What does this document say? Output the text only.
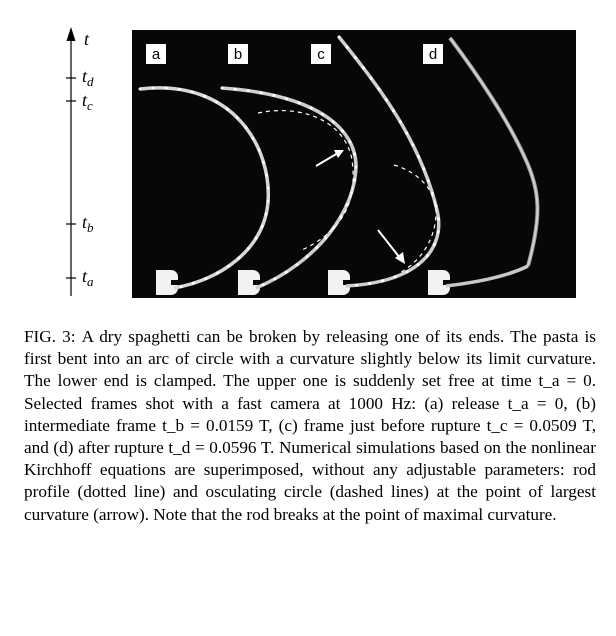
t
$t_d$
$t_c$
$t_b$
$t_a$
a	b	c	d

FIG. 3: A dry spaghetti can be broken by releasing one of its ends. The pasta is first bent into an arc of circle with a curvature slightly below its limit curvature. The lower end is clamped. The upper one is suddenly set free at time t_a = 0. Selected frames shot with a fast camera at 1000 Hz: (a) release t_a = 0, (b) intermediate frame t_b = 0.0159 T, (c) frame just before rupture t_c = 0.0509 T, and (d) after rupture t_d = 0.0596 T. Numerical simulations based on the nonlinear Kirchhoff equations are superimposed, without any adjustable parameters: rod profile (dotted line) and osculating circle (dashed lines) at the point of largest curvature (arrow). Note that the rod breaks at the point of maximal curvature.
